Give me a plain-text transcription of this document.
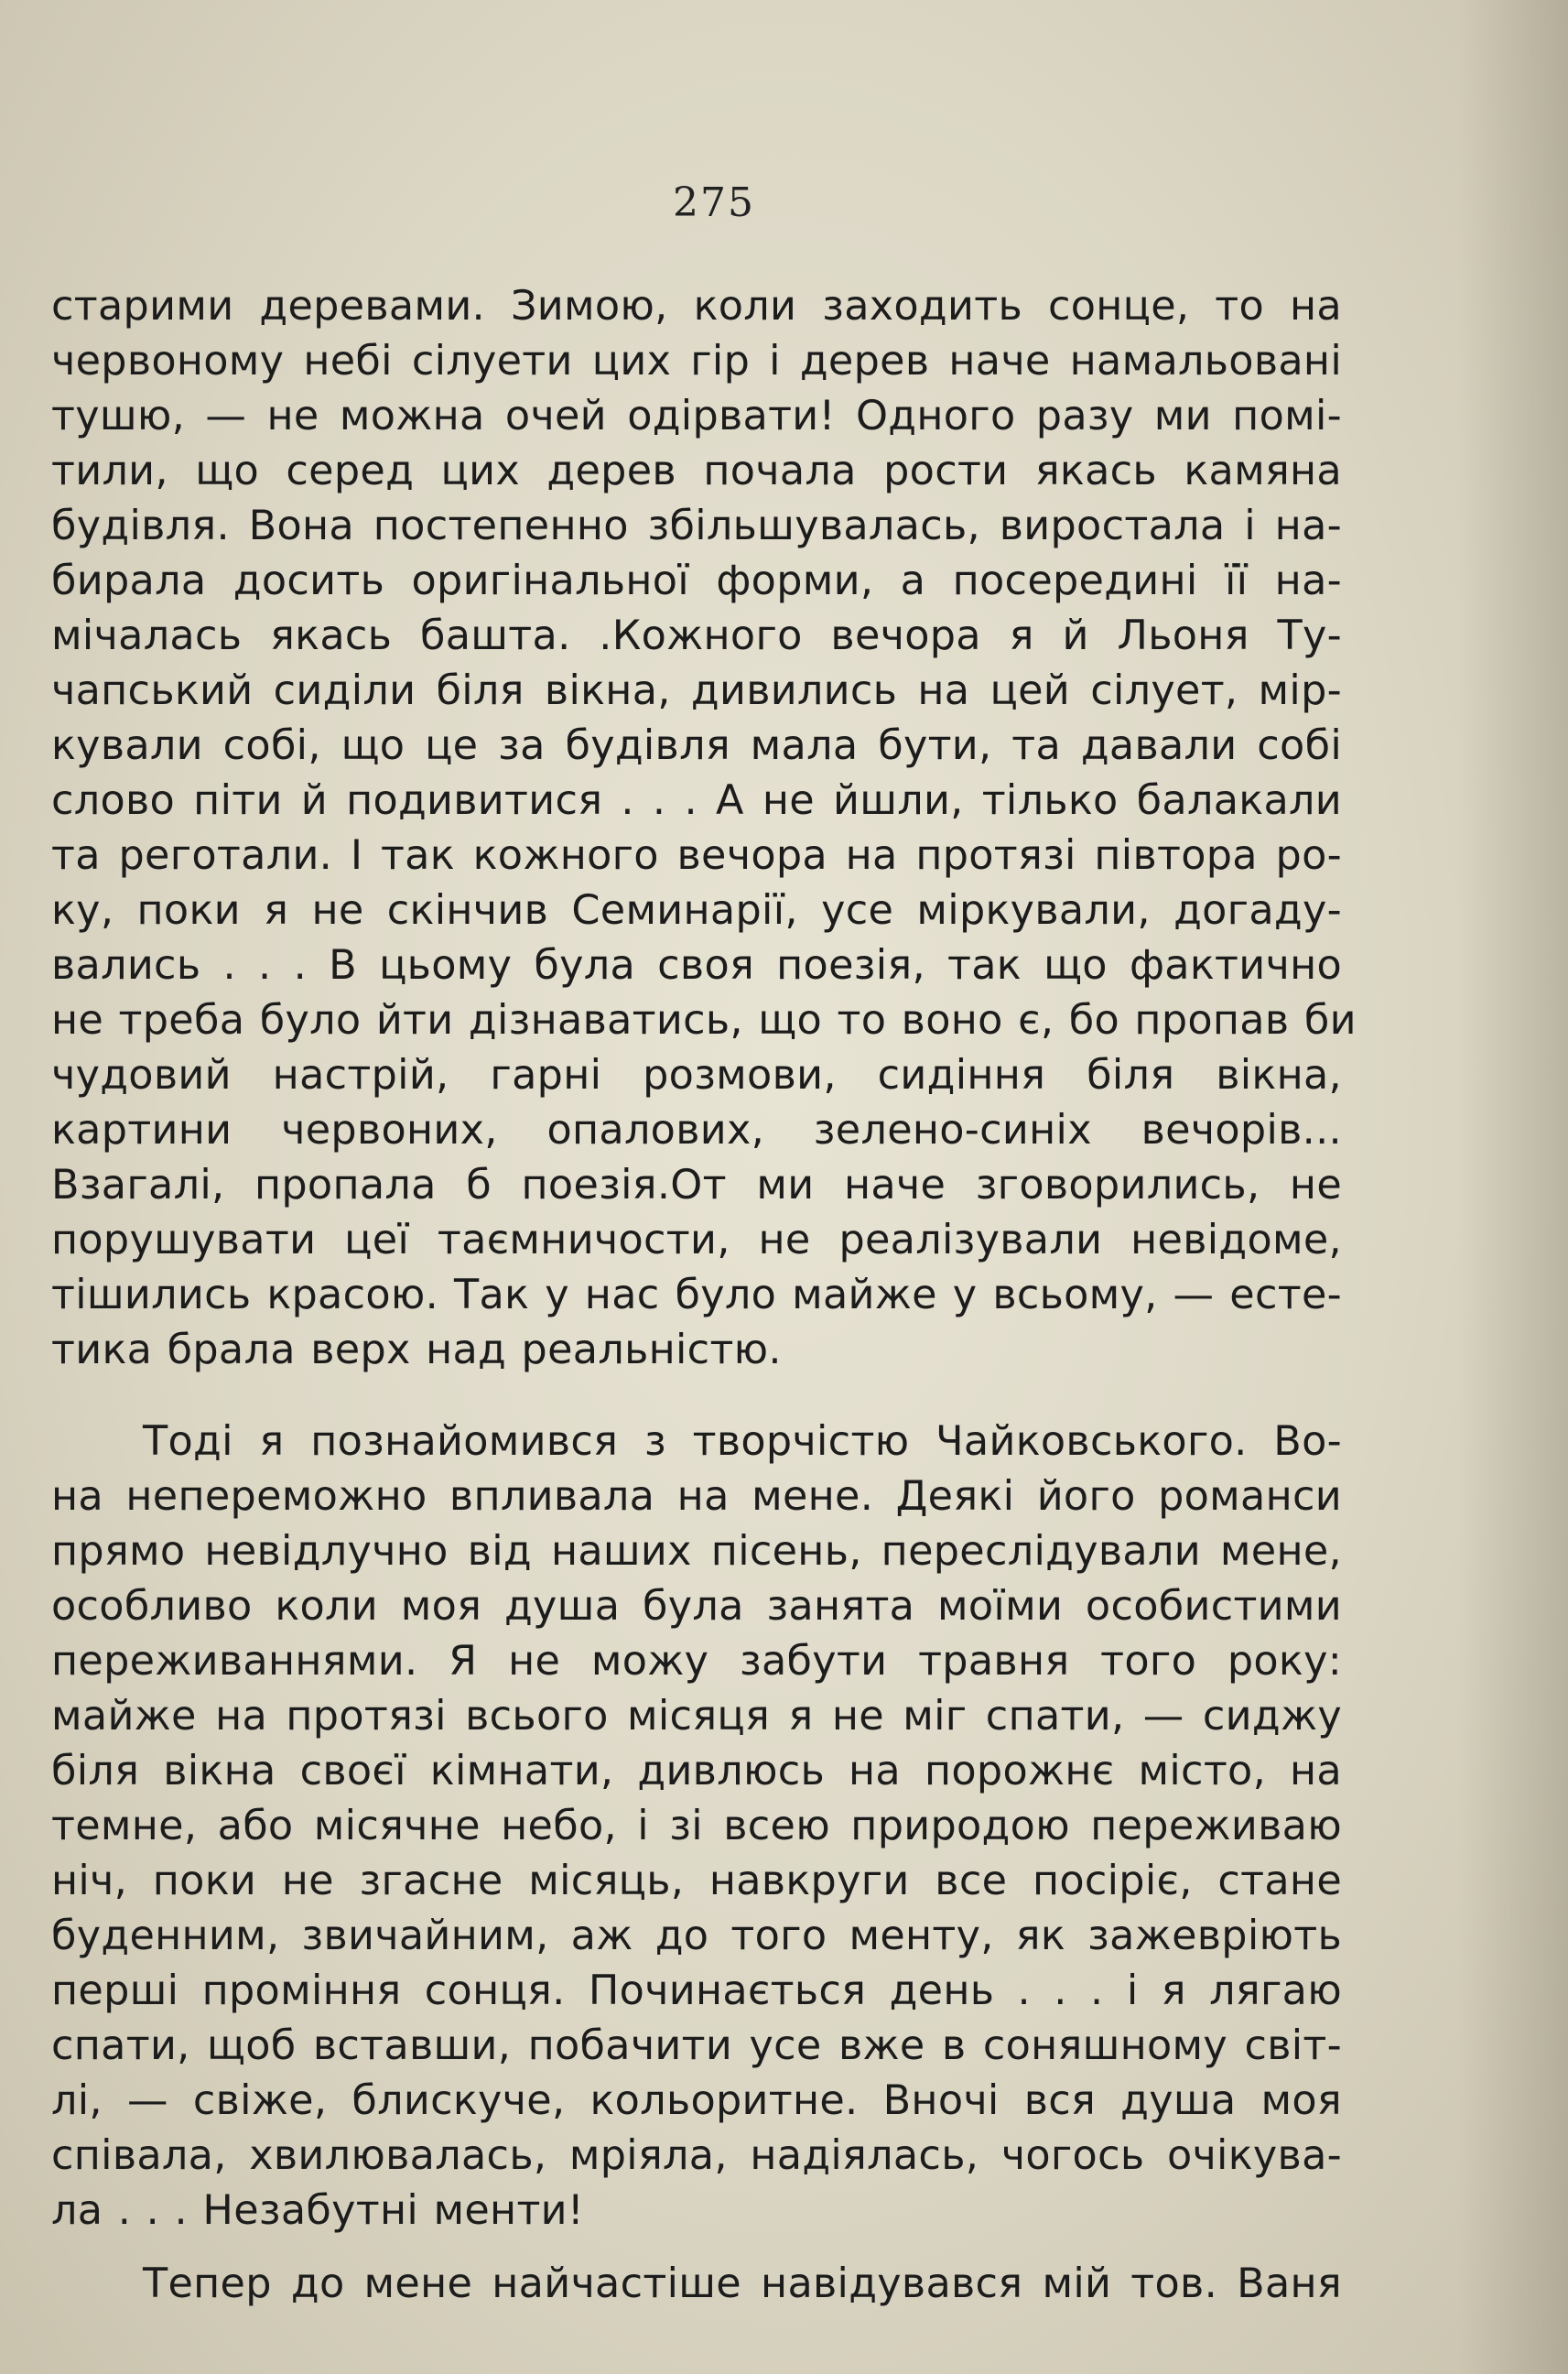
275
старими деревами. Зимою, коли заходить сонце, то на
червоному небі сілуети цих гір і дерев наче намальовані
тушю, — не можна очей одірвати! Одного разу ми помі-
тили, що серед цих дерев почала рости якась камяна
будівля. Вона постепенно збільшувалась, виростала і на-
бирала досить оригінальної форми, а посередині її на-
мічалась якась башта. .Кожного вечора я й Льоня Ту-
чапський сиділи біля вікна, дивились на цей сілует, мір-
кували собі, що це за будівля мала бути, та давали собі
слово піти й подивитися . . . А не йшли, тілько балакали
та реготали. І так кожного вечора на протязі півтора ро-
ку, поки я не скінчив Семинарії, усе міркували, догаду-
вались . . . В цьому була своя поезія, так що фактично
не треба було йти дізнаватись, що то воно є, бо пропав би
чудовий настрій, гарні розмови, сидіння біля вікна,
картини червоних, опалових, зелено-синіх вечорів...
Взагалі, пропала б поезія.От ми наче зговорились, не
порушувати цеї таємничости, не реалізували невідоме,
тішились красою. Так у нас було майже у всьому, — есте-
тика брала верх над реальністю.
Тоді я познайомився з творчістю Чайковського. Во-
на непереможно впливала на мене. Деякі його романси
прямо невідлучно від наших пісень, переслідували мене,
особливо коли моя душа була занята моїми особистими
переживаннями. Я не можу забути травня того року:
майже на протязі всього місяця я не міг спати, — сиджу
біля вікна своєї кімнати, дивлюсь на порожнє місто, на
темне, або місячне небо, і зі всею природою переживаю
ніч, поки не згасне місяць, навкруги все посіріє, стане
буденним, звичайним, аж до того менту, як зажевріють
перші проміння сонця. Починається день . . . і я лягаю
спати, щоб вставши, побачити усе вже в соняшному світ-
лі, — свіже, блискуче, кольоритне. Вночі вся душа моя
співала, хвилювалась, мріяла, надіялась, чогось очікува-
ла . . . Незабутні менти!
Тепер до мене найчастіше навідувався мій тов. Ваня
